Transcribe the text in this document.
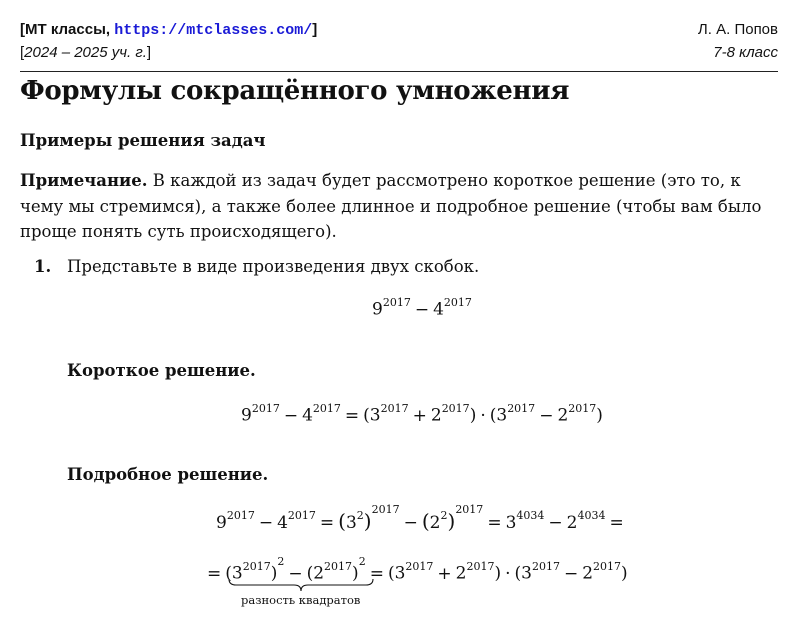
[МТ классы, https://mtclasses.com/]	Л. А. Попов
[2024 – 2025 уч. г.]	7-8 класс
Формулы сокращённого умножения
Примеры решения задач
Примечание. В каждой из задач будет рассмотрено короткое решение (это то, к чему мы стремимся), а также более длинное и подробное решение (чтобы вам было проще понять суть происходящего).
1. Представьте в виде произведения двух скобок.
$9^{2017} - 4^{2017}$
Короткое решение.
$9^{2017} - 4^{2017} = (3^{2017} + 2^{2017}) \cdot (3^{2017} - 2^{2017})$
Подробное решение.
$9^{2017} - 4^{2017} = (3^2)^{2017}- (2^2)^{2017}= 3^{4034} - 2^{4034}$ =
= $(3^{2017})^2- (2^{2017})^2= (3^{2017} + 2^{2017}) \cdot (3^{2017} - 2^{2017})$
разность квадратов
